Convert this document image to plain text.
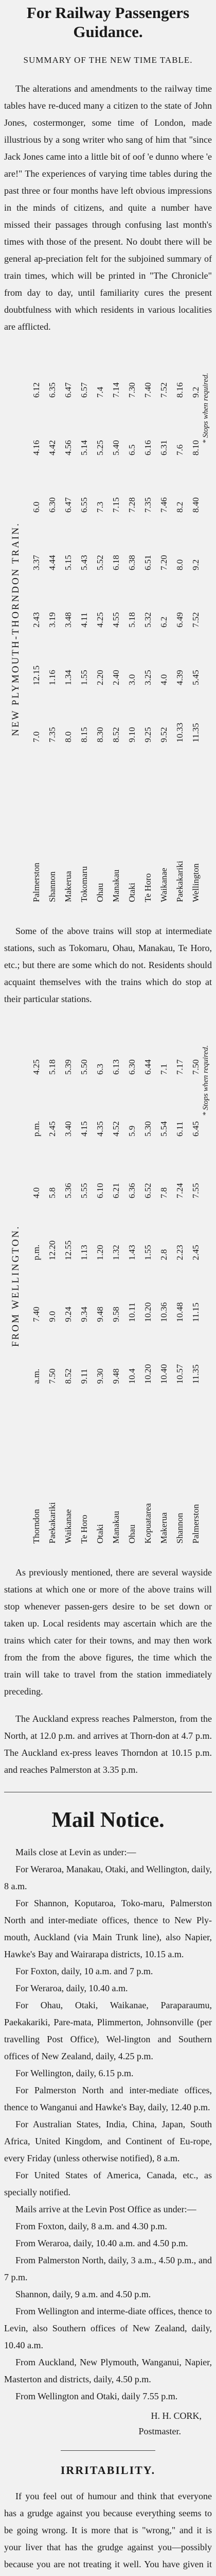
For Railway Passengers
Guidance.

SUMMARY OF THE NEW TIME TABLE.

The alterations and amendments to the railway time tables have re-duced many a citizen to the state of John Jones, costermonger, some time of London, made illustrious by a song writer who sang of him that "since Jack Jones came into a little bit of oof 'e dunno where 'e are!" The experiences of varying time tables during the past three or four months have left obvious impressions in the minds of citizens, and quite a number have missed their passages through confusing last month's times with those of the present. No doubt there will be general ap-preciation felt for the subjoined summary of train times, which will be printed in "The Chronicle" from day to day, until familiarity cures the present doubtfulness with which residents in various localities are afflicted.

NEW PLYMOUTH-THORNDON TRAIN.
Palmerston
7.0
12.15
2.43
3.37
6.0
4.16
6.12
Shannon
7.35
1.16
3.19
4.44
6.30
4.42
6.35
Makerua
8.0
1.34
3.48
5.15
6.47
4.56
6.47
Tokomaru
8.15
1.55
4.11
5.43
6.55
5.14
6.57
Ohau
8.30
2.20
4.25
5.52
7.3
5.25
7.4
Manakau
8.52
2.40
4.55
6.18
7.15
5.40
7.14
Otaki
9.10
3.0
5.18
6.38
7.28
6.5
7.30
Te Horo
9.25
3.25
5.32
6.51
7.35
6.16
7.40
Waikanae
9.52
4.0
6.2
7.20
7.46
6.31
7.52
Paekakariki
10.33
4.39
6.49
8.0
8.2
7.6
8.16
Wellington
11.35
5.45
7.52
9.2
8.40
8.10
9.2 * Stops when required.

Some of the above trains will stop at intermediate stations, such as Tokomaru, Ohau, Manakau, Te Horo, etc.; but there are some which do not. Residents should acquaint themselves with the trains which do stop at their particular stations.

FROM WELLINGTON.
Thorndon
a.m.
7.40
p.m.
4.0
p.m.
4.25
Paekakariki
7.50
9.0
12.20
5.8
2.45
5.18
Waikanae
8.52
9.24
12.55
5.36
3.40
5.39
Te Horo
9.11
9.34
1.13
5.55
4.15
5.50
Otaki
9.30
9.48
1.20
6.10
4.35
6.3
Manakau
9.48
9.58
1.32
6.21
4.52
6.13
Ohau
10.4
10.11
1.43
6.36
5.9
6.30
Kopuatarea
10.20
10.20
1.55
6.52
5.30
6.44
Makerua
10.40
10.36
2.8
7.8
5.54
7.1
Shannon
10.57
10.48
2.23
7.24
6.11
7.17
Palmerston
11.35
11.15
2.45
7.55
6.45
7.50 * Stops when required.

As previously mentioned, there are several wayside stations at which one or more of the above trains will stop whenever passen-gers desire to be set down or taken up. Local residents may ascertain which are the trains which cater for their towns, and may then work from the from the above figures, the time which the train will take to travel from the station immediately preceding.

The Auckland express reaches Palmerston, from the North, at 12.0 p.m. and arrives at Thorn-don at 4.7 p.m. The Auckland ex-press leaves Thorndon at 10.15 p.m. and reaches Palmerston at 3.35 p.m.

Mail Notice.

Mails close at Levin as under:—

For Weraroa, Manakau, Otaki, and Wellington, daily, 8 a.m.

For Shannon, Koputaroa, Toko-maru, Palmerston North and inter-mediate offices, thence to New Ply-mouth, Auckland (via Main Trunk line), also Napier, Hawke's Bay and Wairarapa districts, 10.15 a.m.

For Foxton, daily, 10 a.m. and 7 p.m.

For Weraroa, daily, 10.40 a.m.

For Ohau, Otaki, Waikanae, Paraparaumu, Paekakariki, Pare-mata, Plimmerton, Johnsonville (per travelling Post Office), Wel-lington and Southern offices of New Zealand, daily, 4.25 p.m.

For Wellington, daily, 6.15 p.m.

For Palmerston North and inter-mediate offices, thence to Wanganui and Hawke's Bay, daily, 12.40 p.m.

For Australian States, India, China, Japan, South Africa, United Kingdom, and Continent of Eu-rope, every Friday (unless otherwise notified), 8 a.m.

For United States of America, Canada, etc., as specially notified.

Mails arrive at the Levin Post Office as under:—

From Foxton, daily, 8 a.m. and 4.30 p.m.

From Weraroa, daily, 10.40 a.m. and 4.50 p.m.

From Palmerston North, daily, 3 a.m., 4.50 p.m., and 7 p.m.

Shannon, daily, 9 a.m. and 4.50 p.m.

From Wellington and interme-diate offices, thence to Levin, also Southern offices of New Zealand, daily, 10.40 a.m.

From Auckland, New Plymouth, Wanganui, Napier, Masterton and districts, daily, 4.50 p.m.

From Wellington and Otaki, daily 7.55 p.m.

H. H. CORK,

Postmaster.

IRRITABILITY.

If you feel out of humour and think that everyone has a grudge against you because everything seems to be going wrong. It is more that is "wrong," and it is your liver that has the grudge against you—possibly because you are not treating it well. You have given it
